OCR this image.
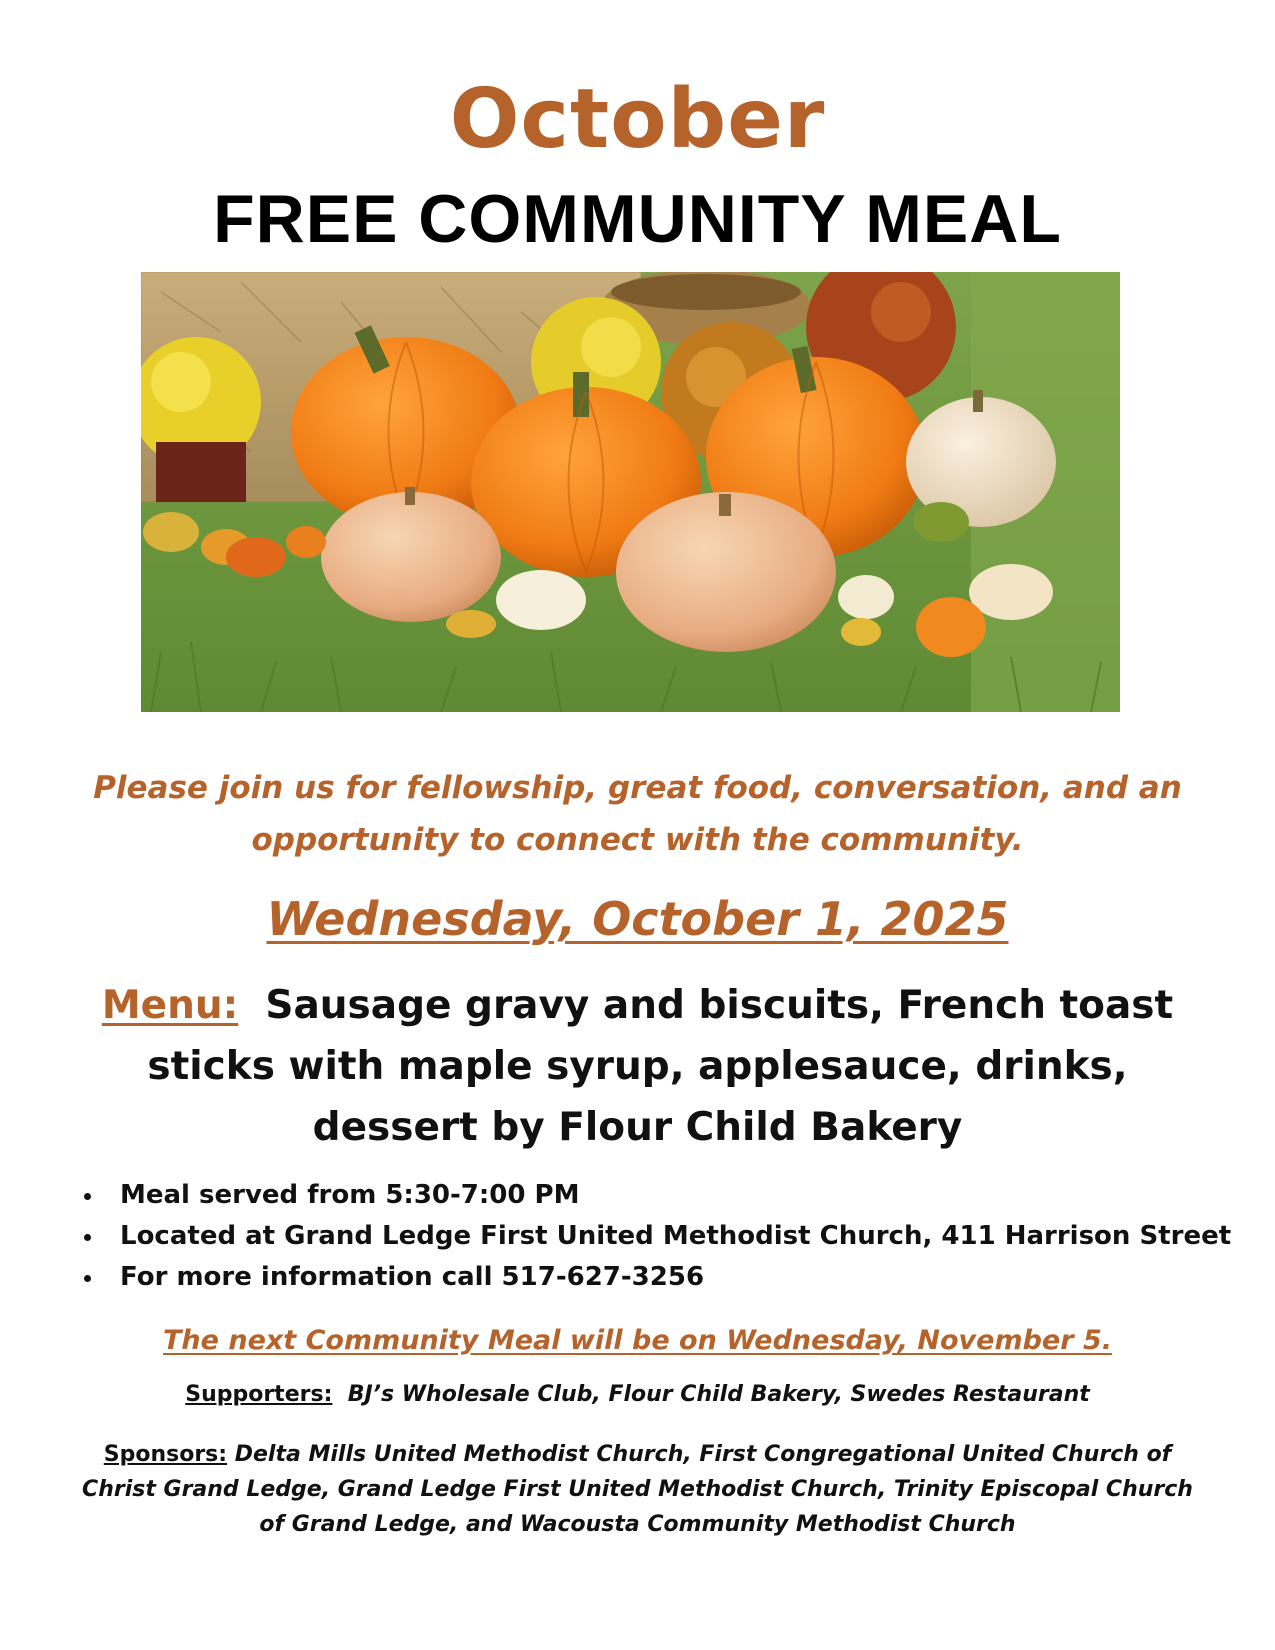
October
FREE COMMUNITY MEAL
Please join us for fellowship, great food, conversation, and an opportunity to connect with the community.
Wednesday, October 1, 2025
Menu: Sausage gravy and biscuits, French toast sticks with maple syrup, applesauce, drinks, dessert by Flour Child Bakery
Meal served from 5:30-7:00 PM
Located at Grand Ledge First United Methodist Church, 411 Harrison Street
For more information call 517-627-3256
The next Community Meal will be on Wednesday, November 5.
Supporters: BJ’s Wholesale Club, Flour Child Bakery, Swedes Restaurant
Sponsors: Delta Mills United Methodist Church, First Congregational United Church of Christ Grand Ledge, Grand Ledge First United Methodist Church, Trinity Episcopal Church of Grand Ledge, and Wacousta Community Methodist Church
